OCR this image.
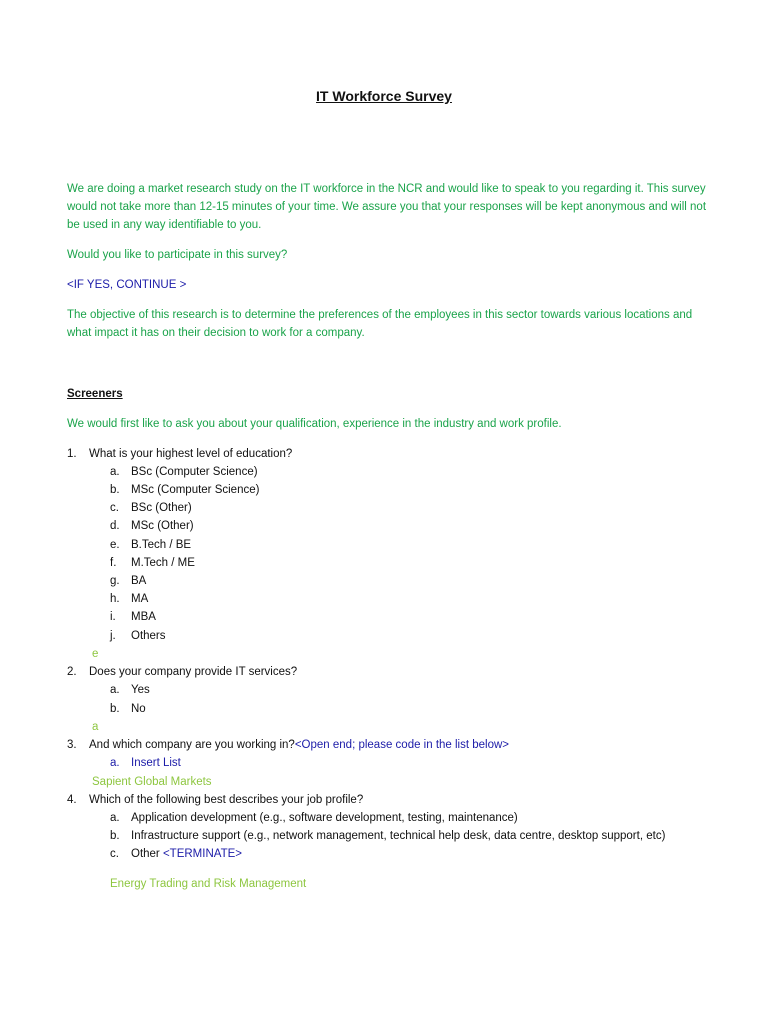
IT Workforce Survey
We are doing a market research study on the IT workforce in the NCR and would like to speak to you regarding it. This survey would not take more than 12-15 minutes of your time. We assure you that your responses will be kept anonymous and will not be used in any way identifiable to you.
Would you like to participate in this survey?
<IF YES, CONTINUE >
The objective of this research is to determine the preferences of the employees in this sector towards various locations and what impact it has on their decision to work for a company.
Screeners
We would first like to ask you about your qualification, experience in the industry and work profile.
1. What is your highest level of education?
a. BSc (Computer Science)
b. MSc (Computer Science)
c. BSc (Other)
d. MSc (Other)
e. B.Tech / BE
f. M.Tech / ME
g. BA
h. MA
i. MBA
j. Others
e
2. Does your company provide IT services?
a. Yes
b. No
a
3. And which company are you working in?<Open end; please code in the list below>
a. Insert List
Sapient Global Markets
4. Which of the following best describes your job profile?
a. Application development (e.g., software development, testing, maintenance)
b. Infrastructure support (e.g., network management, technical help desk, data centre, desktop support, etc)
c. Other <TERMINATE>
Energy Trading and Risk Management
